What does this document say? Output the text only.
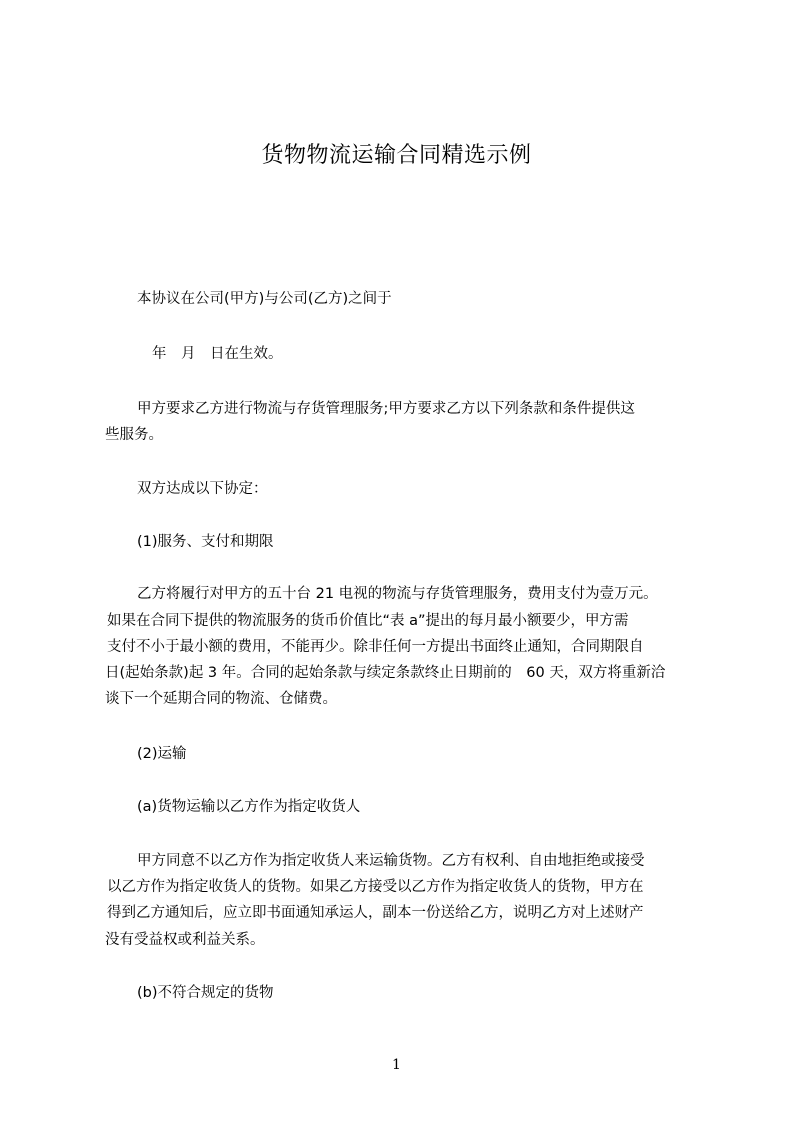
货物物流运输合同精选示例
本协议在公司(甲方)与公司(乙方)之间于
年　月　日在生效。
甲方要求乙方进行物流与存货管理服务;甲方要求乙方以下列条款和条件提供这
些服务。
双方达成以下协定：
(1)服务、支付和期限
乙方将履行对甲方的五十台 21 电视的物流与存货管理服务，费用支付为壹万元。
如果在合同下提供的物流服务的货币价值比“表 a”提出的每月最小额要少，甲方需
支付不小于最小额的费用，不能再少。除非任何一方提出书面终止通知，合同期限自
日(起始条款)起 3 年。合同的起始条款与续定条款终止日期前的　60 天，双方将重新洽
谈下一个延期合同的物流、仓储费。
(2)运输
(a)货物运输以乙方作为指定收货人
甲方同意不以乙方作为指定收货人来运输货物。乙方有权利、自由地拒绝或接受
以乙方作为指定收货人的货物。如果乙方接受以乙方作为指定收货人的货物，甲方在
得到乙方通知后，应立即书面通知承运人，副本一份送给乙方，说明乙方对上述财产
没有受益权或利益关系。
(b)不符合规定的货物
1
